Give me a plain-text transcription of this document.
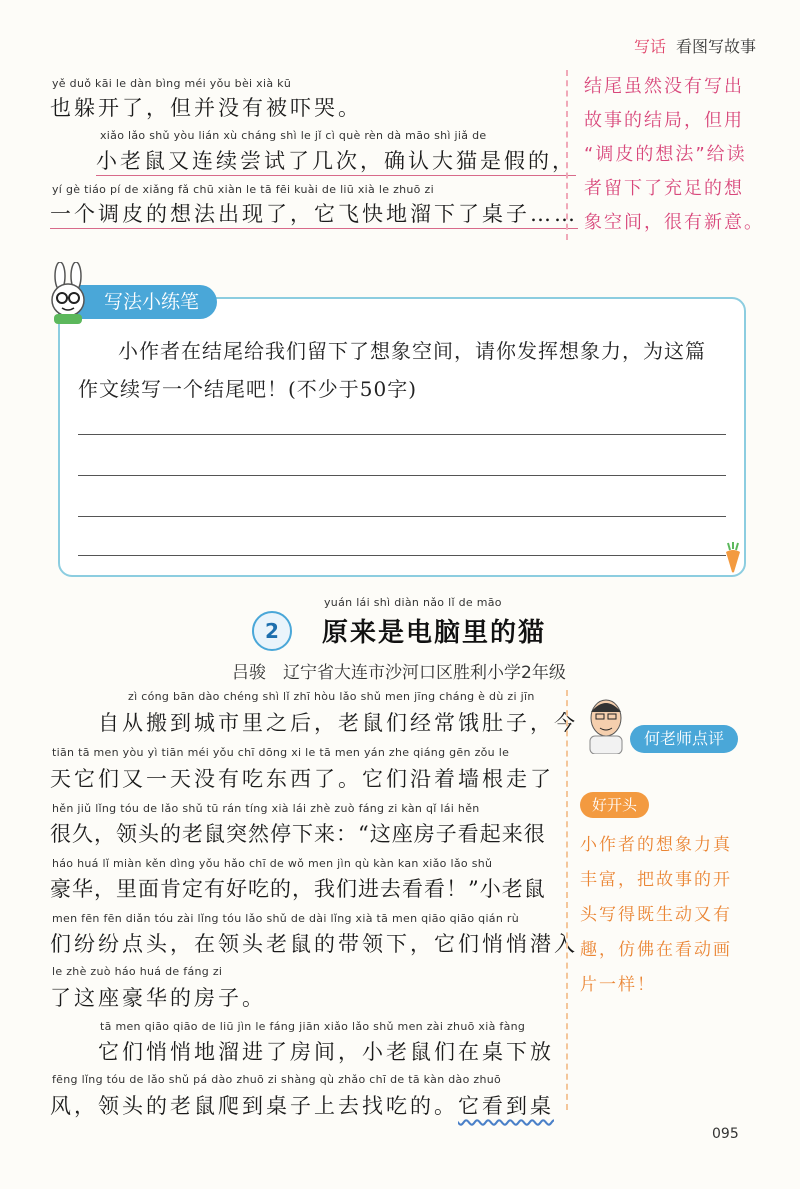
写话 看图写故事
yě duǒ kāi le dàn bìng méi yǒu bèi xià kū
也躲开了，但并没有被吓哭。
xiǎo lǎo shǔ yòu lián xù cháng shì le jǐ cì què rèn dà māo shì jiǎ de
小老鼠又连续尝试了几次，确认大猫是假的，
yí gè tiáo pí de xiǎng fǎ chū xiàn le tā fēi kuài de liū xià le zhuō zi
一个调皮的想法出现了，它飞快地溜下了桌子……
结尾虽然没有写出
故事的结局，但用
“调皮的想法”给读
者留下了充足的想
象空间，很有新意。
写法小练笔
小作者在结尾给我们留下了想象空间，请你发挥想象力，为这篇
作文续写一个结尾吧！(不少于50字)
2
yuán lái shì diàn nǎo lǐ de māo
原来是电脑里的猫
吕骏　辽宁省大连市沙河口区胜利小学2年级
zì cóng bān dào chéng shì lǐ zhī hòu lǎo shǔ men jīng cháng è dù zi jīn
自从搬到城市里之后，老鼠们经常饿肚子，今
tiān tā men yòu yì tiān méi yǒu chī dōng xi le tā men yán zhe qiáng gēn zǒu le
天它们又一天没有吃东西了。它们沿着墙根走了
hěn jiǔ lǐng tóu de lǎo shǔ tū rán tíng xià lái zhè zuò fáng zi kàn qǐ lái hěn
很久，领头的老鼠突然停下来：“这座房子看起来很
háo huá lǐ miàn kěn dìng yǒu hǎo chī de wǒ men jìn qù kàn kan xiǎo lǎo shǔ
豪华，里面肯定有好吃的，我们进去看看！”小老鼠
men fēn fēn diǎn tóu zài lǐng tóu lǎo shǔ de dài lǐng xià tā men qiāo qiāo qián rù
们纷纷点头，在领头老鼠的带领下，它们悄悄潜入
le zhè zuò háo huá de fáng zi
了这座豪华的房子。
tā men qiāo qiāo de liū jìn le fáng jiān xiǎo lǎo shǔ men zài zhuō xià fàng
它们悄悄地溜进了房间，小老鼠们在桌下放
fēng lǐng tóu de lǎo shǔ pá dào zhuō zi shàng qù zhǎo chī de tā kàn dào zhuō
风，领头的老鼠爬到桌子上去找吃的。它看到桌
何老师点评
好开头
小作者的想象力真
丰富，把故事的开
头写得既生动又有
趣，仿佛在看动画
片一样！
095
